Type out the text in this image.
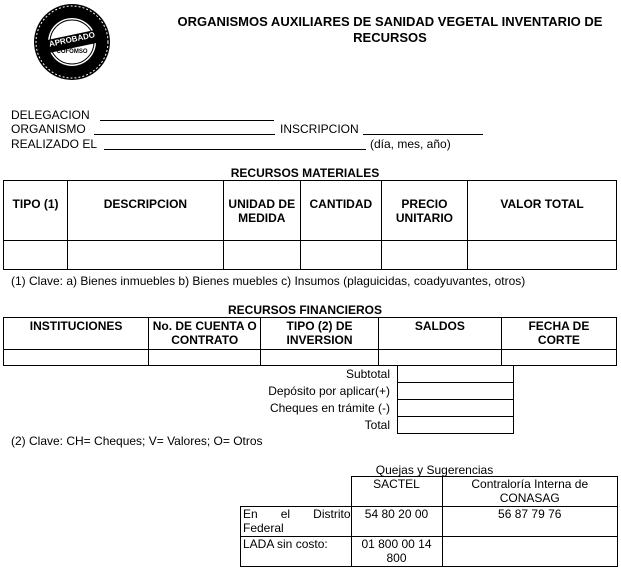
APROBADO
COFOMSO
ORGANISMOS AUXILIARES DE SANIDAD VEGETAL INVENTARIO DE RECURSOS
DELEGACION
ORGANISMO	INSCRIPCION
REALIZADO EL	(día, mes, año)
RECURSOS MATERIALES
TIPO (1)	DESCRIPCION	UNIDAD DE MEDIDA	CANTIDAD	PRECIO UNITARIO	VALOR TOTAL

(1) Clave: a) Bienes inmuebles b) Bienes muebles c) Insumos (plaguicidas, coadyuvantes, otros)
RECURSOS FINANCIEROS
INSTITUCIONES	No. DE CUENTA O CONTRATO	TIPO (2) DE INVERSION	SALDOS	FECHA DE CORTE

Subtotal
Depósito por aplicar(+)
Cheques en trámite (-)
Total
(2) Clave: CH= Cheques; V= Valores; O= Otros
Quejas y Sugerencias
	SACTEL	Contraloría Interna de CONASAG
En el Distrito Federal	54 80 20 00	56 87 79 76
LADA sin costo:	01 800 00 14 800	
